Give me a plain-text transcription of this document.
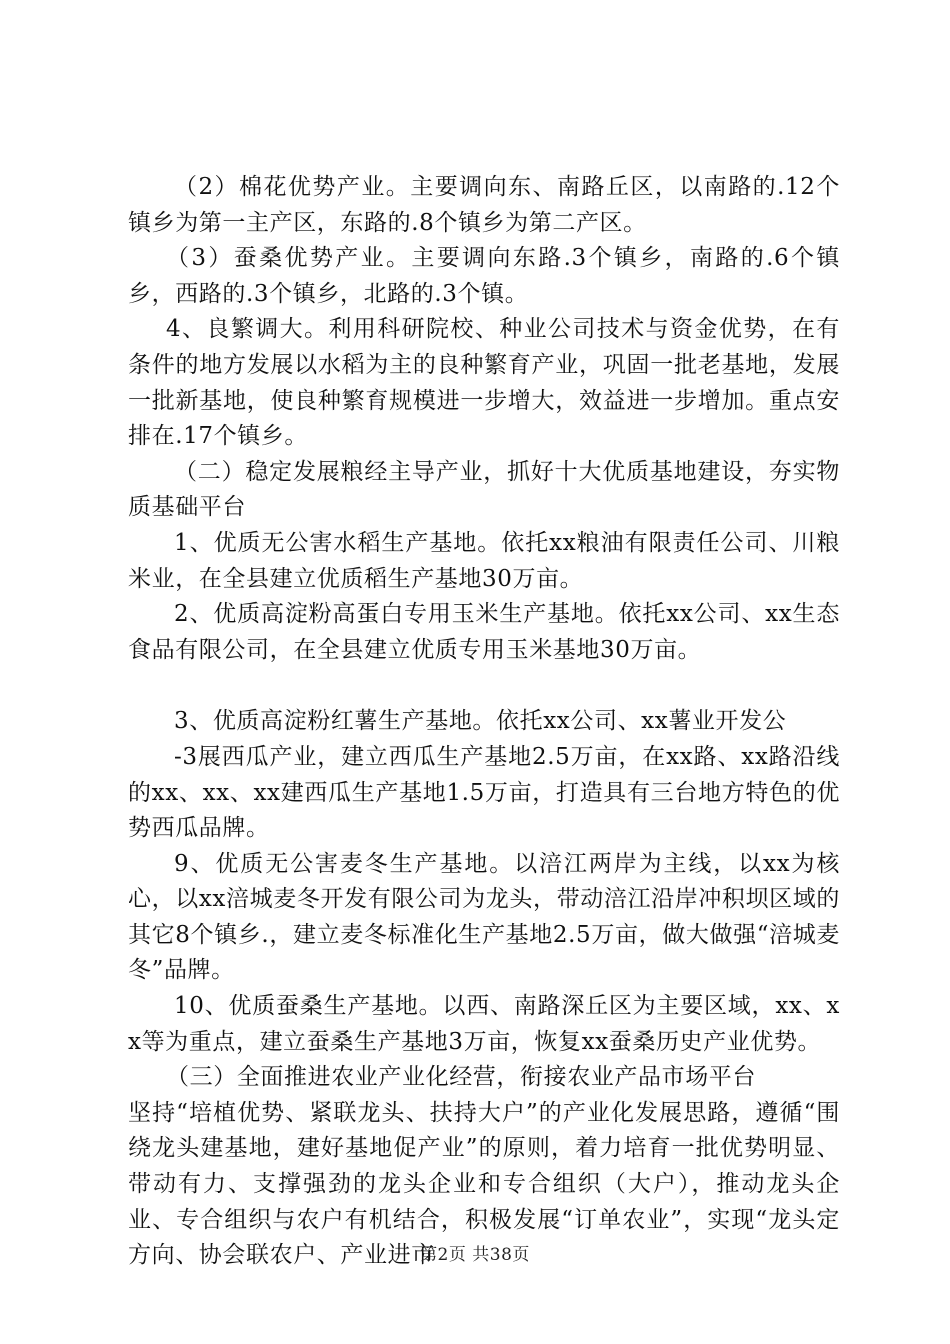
（2）棉花优势产业。主要调向东、南路丘区，以南路的.12个镇乡为第一主产区，东路的.8个镇乡为第二产区。

（3）蚕桑优势产业。主要调向东路.3个镇乡，南路的.6个镇乡，西路的.3个镇乡，北路的.3个镇。

4、良繁调大。利用科研院校、种业公司技术与资金优势，在有条件的地方发展以水稻为主的良种繁育产业，巩固一批老基地，发展一批新基地，使良种繁育规模进一步增大，效益进一步增加。重点安排在.17个镇乡。

（二）稳定发展粮经主导产业，抓好十大优质基地建设，夯实物质基础平台

1、优质无公害水稻生产基地。依托xx粮油有限责任公司、川粮米业，在全县建立优质稻生产基地30万亩。

2、优质高淀粉高蛋白专用玉米生产基地。依托xx公司、xx生态食品有限公司，在全县建立优质专用玉米基地30万亩。

3、优质高淀粉红薯生产基地。依托xx公司、xx薯业开发公

-3展西瓜产业，建立西瓜生产基地2.5万亩，在xx路、xx路沿线的xx、xx、xx建西瓜生产基地1.5万亩，打造具有三台地方特色的优势西瓜品牌。

9、优质无公害麦冬生产基地。以涪江两岸为主线，以xx为核心，以xx涪城麦冬开发有限公司为龙头，带动涪江沿岸冲积坝区域的其它8个镇乡.，建立麦冬标准化生产基地2.5万亩，做大做强“涪城麦冬”品牌。

10、优质蚕桑生产基地。以西、南路深丘区为主要区域，xx、xx等为重点，建立蚕桑生产基地3万亩，恢复xx蚕桑历史产业优势。

（三）全面推进农业产业化经营，衔接农业产品市场平台

坚持“培植优势、紧联龙头、扶持大户”的产业化发展思路，遵循“围绕龙头建基地，建好基地促产业”的原则，着力培育一批优势明显、带动有力、支撑强劲的龙头企业和专合组织（大户），推动龙头企业、专合组织与农户有机结合，积极发展“订单农业”，实现“龙头定方向、协会联农户、产业进市

第2页 共38页
